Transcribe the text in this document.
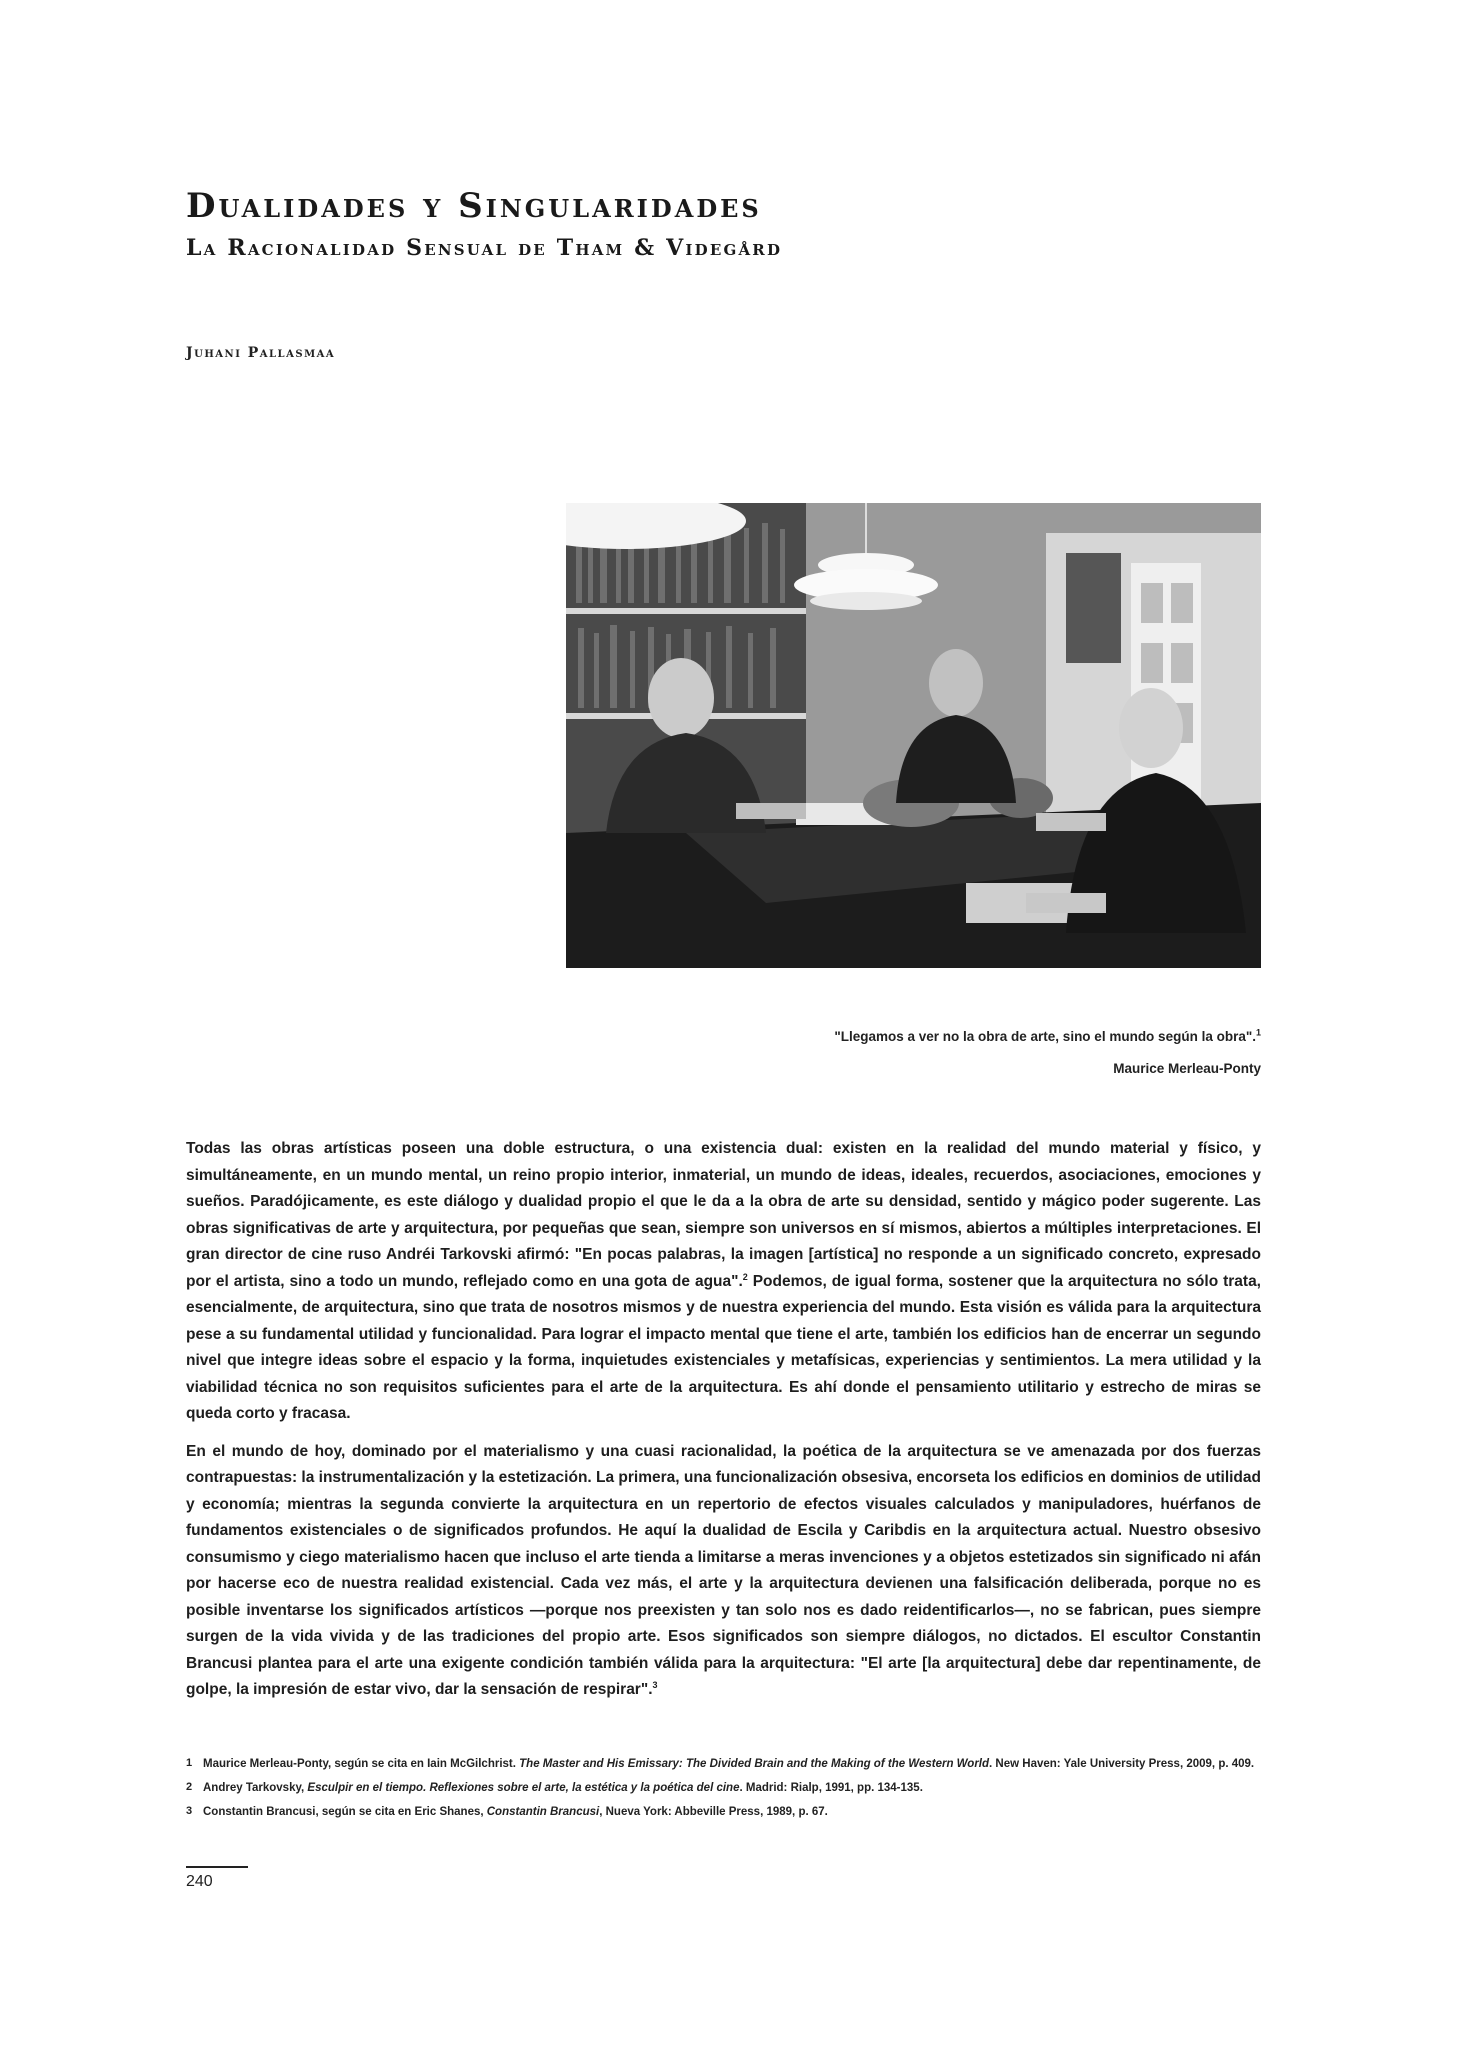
Dualidades y Singularidades
La Racionalidad Sensual de Tham & Videgård
Juhani Pallasmaa
"Llegamos a ver no la obra de arte, sino el mundo según la obra".$^1$
Maurice Merleau-Ponty

Todas las obras artísticas poseen una doble estructura, o una existencia dual: existen en la realidad del mundo material y físico, y simultáneamente, en un mundo mental, un reino propio interior, inmaterial, un mundo de ideas, ideales, recuerdos, asociaciones, emociones y sueños. Paradójicamente, es este diálogo y dualidad propio el que le da a la obra de arte su densidad, sentido y mágico poder sugerente. Las obras significativas de arte y arquitectura, por pequeñas que sean, siempre son universos en sí mismos, abiertos a múltiples interpretaciones. El gran director de cine ruso Andréi Tarkovski afirmó: "En pocas palabras, la imagen [artística] no responde a un significado concreto, expresado por el artista, sino a todo un mundo, reflejado como en una gota de agua".$^2$ Podemos, de igual forma, sostener que la arquitectura no sólo trata, esencialmente, de arquitectura, sino que trata de nosotros mismos y de nuestra experiencia del mundo. Esta visión es válida para la arquitectura pese a su fundamental utilidad y funcionalidad. Para lograr el impacto mental que tiene el arte, también los edificios han de encerrar un segundo nivel que integre ideas sobre el espacio y la forma, inquietudes existenciales y metafísicas, experiencias y sentimientos. La mera utilidad y la viabilidad técnica no son requisitos suficientes para el arte de la arquitectura. Es ahí donde el pensamiento utilitario y estrecho de miras se queda corto y fracasa.

En el mundo de hoy, dominado por el materialismo y una cuasi racionalidad, la poética de la arquitectura se ve amenazada por dos fuerzas contrapuestas: la instrumentalización y la estetización. La primera, una funcionalización obsesiva, encorseta los edificios en dominios de utilidad y economía; mientras la segunda convierte la arquitectura en un repertorio de efectos visuales calculados y manipuladores, huérfanos de fundamentos existenciales o de significados profundos. He aquí la dualidad de Escila y Caribdis en la arquitectura actual. Nuestro obsesivo consumismo y ciego materialismo hacen que incluso el arte tienda a limitarse a meras invenciones y a objetos estetizados sin significado ni afán por hacerse eco de nuestra realidad existencial. Cada vez más, el arte y la arquitectura devienen una falsificación deliberada, porque no es posible inventarse los significados artísticos —porque nos preexisten y tan solo nos es dado reidentificarlos—, no se fabrican, pues siempre surgen de la vida vivida y de las tradiciones del propio arte. Esos significados son siempre diálogos, no dictados. El escultor Constantin Brancusi plantea para el arte una exigente condición también válida para la arquitectura: "El arte [la arquitectura] debe dar repentinamente, de golpe, la impresión de estar vivo, dar la sensación de respirar".$^3$

1 Maurice Merleau-Ponty, según se cita en Iain McGilchrist. The Master and His Emissary: The Divided Brain and the Making of the Western World. New Haven: Yale University Press, 2009, p. 409.
2 Andrey Tarkovsky, Esculpir en el tiempo. Reflexiones sobre el arte, la estética y la poética del cine. Madrid: Rialp, 1991, pp. 134-135.
3 Constantin Brancusi, según se cita en Eric Shanes, Constantin Brancusi, Nueva York: Abbeville Press, 1989, p. 67.
240
